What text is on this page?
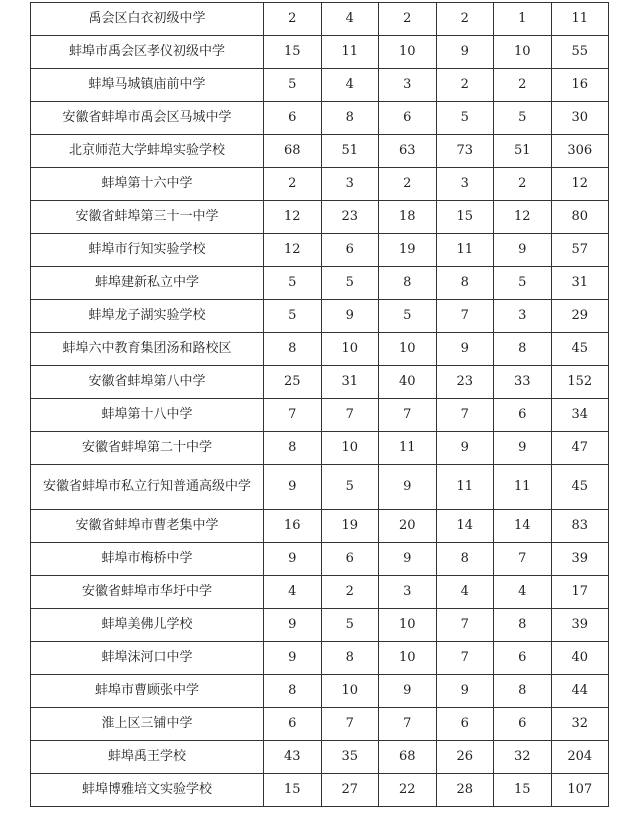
禹会区白衣初级中学	2	4	2	2	1	11
蚌埠市禹会区孝仪初级中学	15	11	10	9	10	55
蚌埠马城镇庙前中学	5	4	3	2	2	16
安徽省蚌埠市禹会区马城中学	6	8	6	5	5	30
北京师范大学蚌埠实验学校	68	51	63	73	51	306
蚌埠第十六中学	2	3	2	3	2	12
安徽省蚌埠第三十一中学	12	23	18	15	12	80
蚌埠市行知实验学校	12	6	19	11	9	57
蚌埠建新私立中学	5	5	8	8	5	31
蚌埠龙子湖实验学校	5	9	5	7	3	29
蚌埠六中教育集团汤和路校区	8	10	10	9	8	45
安徽省蚌埠第八中学	25	31	40	23	33	152
蚌埠第十八中学	7	7	7	7	6	34
安徽省蚌埠第二十中学	8	10	11	9	9	47
安徽省蚌埠市私立行知普通高级中学	9	5	9	11	11	45
安徽省蚌埠市曹老集中学	16	19	20	14	14	83
蚌埠市梅桥中学	9	6	9	8	7	39
安徽省蚌埠市华圩中学	4	2	3	4	4	17
蚌埠美佛儿学校	9	5	10	7	8	39
蚌埠沫河口中学	9	8	10	7	6	40
蚌埠市曹顾张中学	8	10	9	9	8	44
淮上区三铺中学	6	7	7	6	6	32
蚌埠禹王学校	43	35	68	26	32	204
蚌埠博雅培文实验学校	15	27	22	28	15	107
